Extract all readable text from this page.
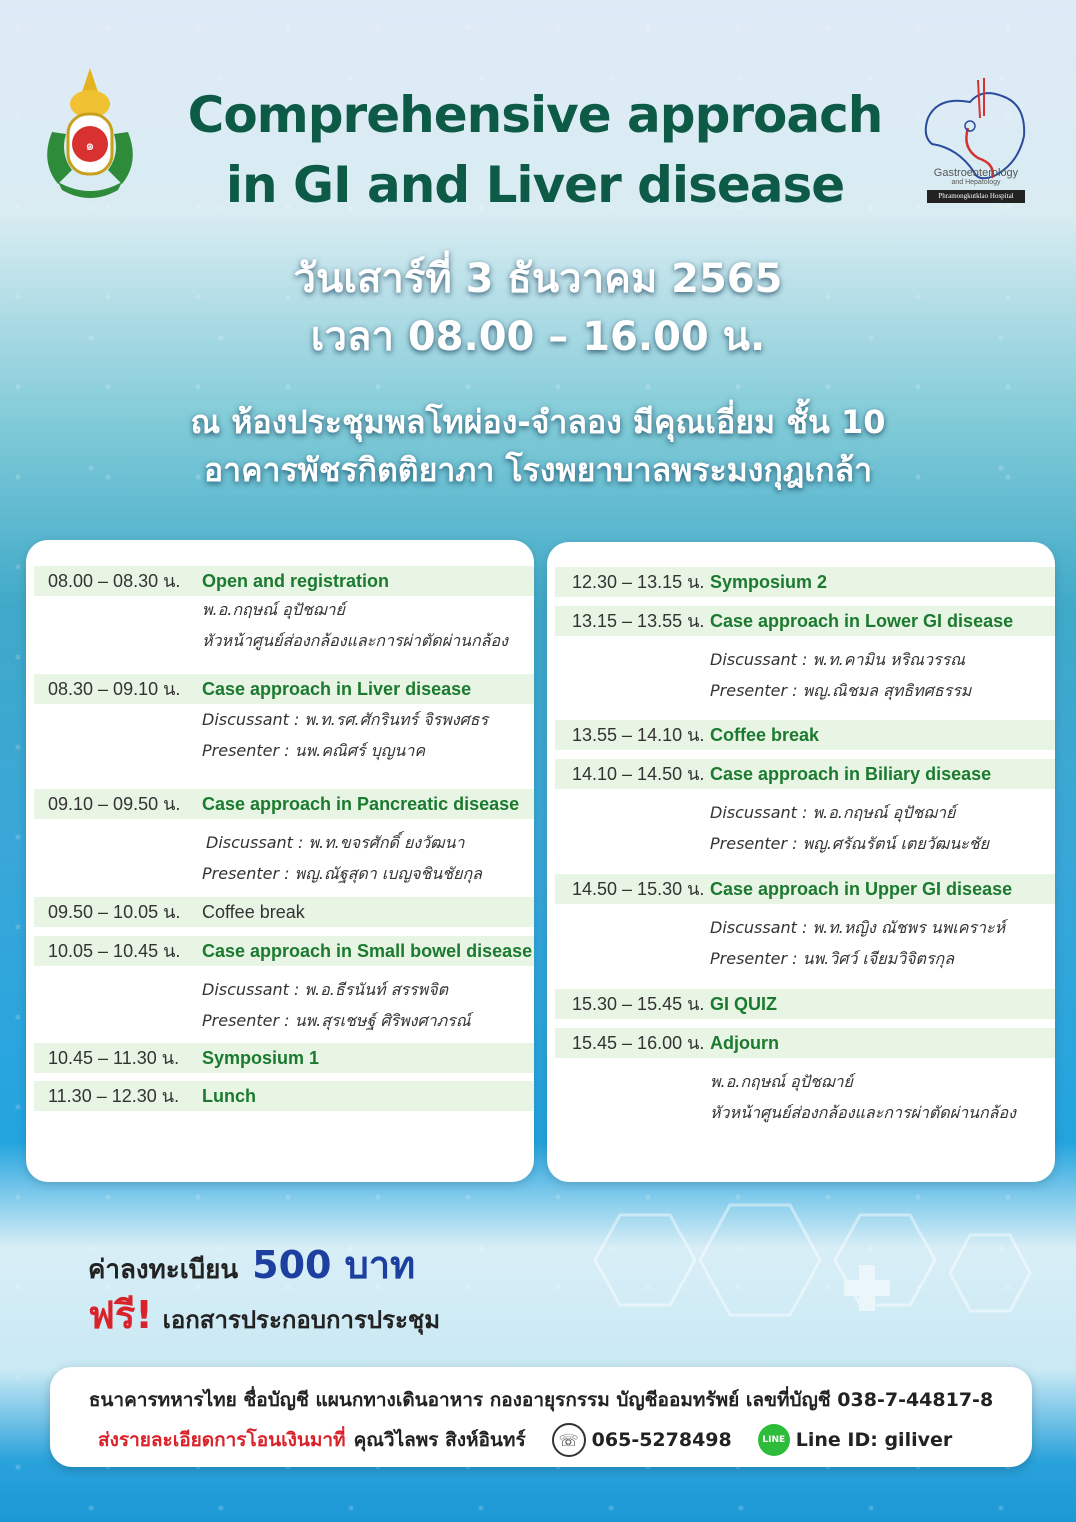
๑
Gastroenterology
and Hepatology
Phramongkutklao Hospital
Comprehensive approach
in GI and Liver disease
วันเสาร์ที่ 3 ธันวาคม 2565
เวลา 08.00 – 16.00 น.
ณ ห้องประชุมพลโทผ่อง-จำลอง มีคุณเอี่ยม ชั้น 10
อาคารพัชรกิตติยาภา โรงพยาบาลพระมงกุฎเกล้า
08.00 – 08.30 น. Open and registration
พ.อ.กฤษณ์ อุปัชฌาย์
หัวหน้าศูนย์ส่องกล้องและการผ่าตัดผ่านกล้อง
08.30 – 09.10 น. Case approach in Liver disease
Discussant : พ.ท.รศ.ศักรินทร์ จิรพงศธร
Presenter : นพ.คณิศร์ บุญนาค
09.10 – 09.50 น. Case approach in Pancreatic disease
Discussant : พ.ท.ขจรศักดิ์ ยงวัฒนา
Presenter : พญ.ณัฐสุดา เบญจชินชัยกุล
09.50 – 10.05 น. Coffee break
10.05 – 10.45 น. Case approach in Small bowel disease
Discussant : พ.อ.ธีรนันท์ สรรพจิต
Presenter : นพ.สุรเชษฐ์ ศิริพงศาภรณ์
10.45 – 11.30 น. Symposium 1
11.30 – 12.30 น. Lunch
12.30 – 13.15 น. Symposium 2
13.15 – 13.55 น. Case approach in Lower GI disease
Discussant : พ.ท.คามิน หริณวรรณ
Presenter : พญ.ณิชมล สุทธิทศธรรม
13.55 – 14.10 น. Coffee break
14.10 – 14.50 น. Case approach in Biliary disease
Discussant : พ.อ.กฤษณ์ อุปัชฌาย์
Presenter : พญ.ศรัณรัตน์ เตยวัฒนะชัย
14.50 – 15.30 น. Case approach in Upper GI disease
Discussant : พ.ท.หญิง ณัชพร นพเคราะห์
Presenter : นพ.วิศว์ เจียมวิจิตรกุล
15.30 – 15.45 น. GI QUIZ
15.45 – 16.00 น. Adjourn
พ.อ.กฤษณ์ อุปัชฌาย์
หัวหน้าศูนย์ส่องกล้องและการผ่าตัดผ่านกล้อง
ค่าลงทะเบียน 500 บาท
ฟรี! เอกสารประกอบการประชุม
ธนาคารทหารไทย ชื่อบัญชี แผนกทางเดินอาหาร กองอายุรกรรม บัญชีออมทรัพย์ เลขที่บัญชี 038-7-44817-8
ส่งรายละเอียดการโอนเงินมาที่ คุณวิไลพร สิงห์อินทร์	☏ 065-5278498	LINE Line ID: giliver
